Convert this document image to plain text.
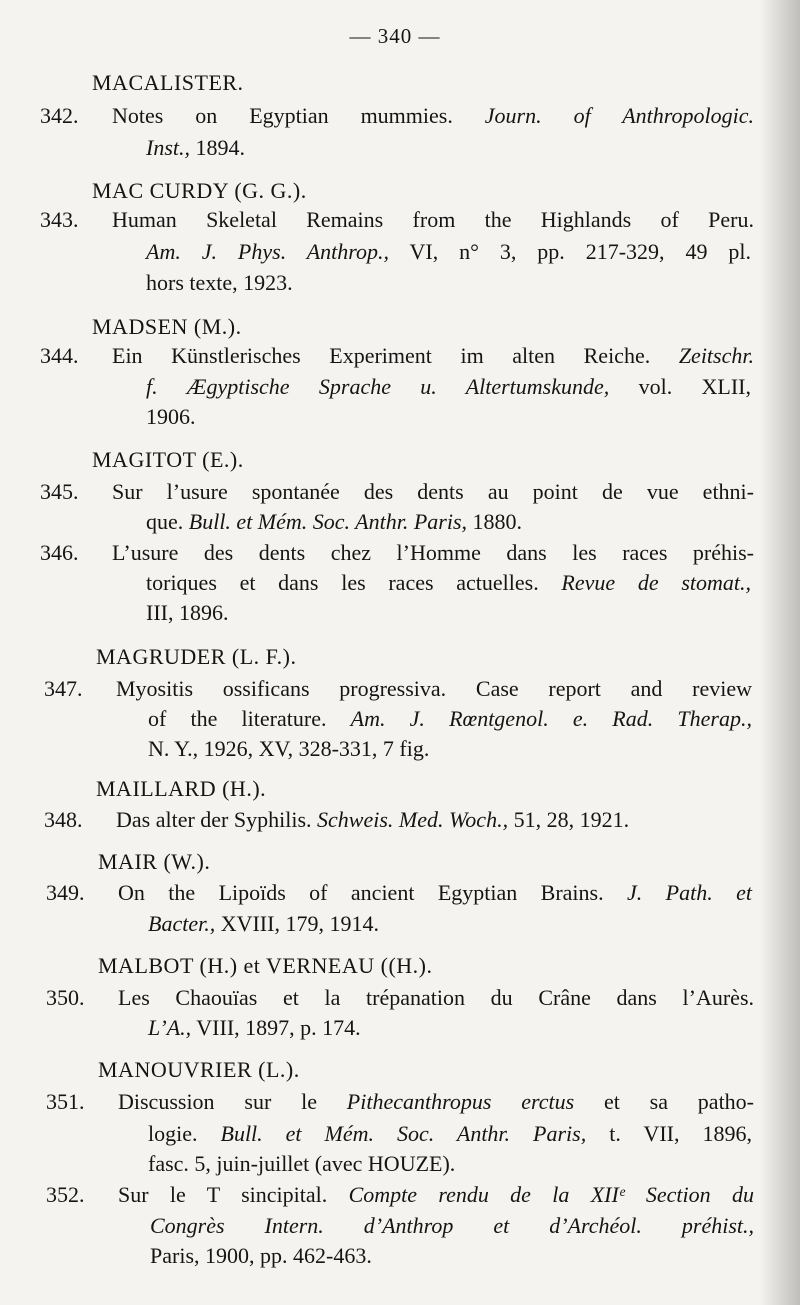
— 340 —
MACALISTER.
342. Notes on Egyptian mummies. Journ. of Anthropologic.
Inst., 1894.
MAC CURDY (G. G.).
343. Human Skeletal Remains from the Highlands of Peru.
Am. J. Phys. Anthrop., VI, n° 3, pp. 217-329, 49 pl.
hors texte, 1923.
MADSEN (M.).
344. Ein Künstlerisches Experiment im alten Reiche. Zeitschr.
f. Ægyptische Sprache u. Altertumskunde, vol. XLII,
1906.
MAGITOT (E.).
345. Sur l’usure spontanée des dents au point de vue ethni-
que. Bull. et Mém. Soc. Anthr. Paris, 1880.
346. L’usure des dents chez l’Homme dans les races préhis-
toriques et dans les races actuelles. Revue de stomat.,
III, 1896.
MAGRUDER (L. F.).
347. Myositis ossificans progressiva. Case report and review
of the literature. Am. J. Rœntgenol. e. Rad. Therap.,
N. Y., 1926, XV, 328-331, 7 fig.
MAILLARD (H.).
348. Das alter der Syphilis. Schweis. Med. Woch., 51, 28, 1921.
MAIR (W.).
349. On the Lipoïds of ancient Egyptian Brains. J. Path. et
Bacter., XVIII, 179, 1914.
MALBOT (H.) et VERNEAU ((H.).
350. Les Chaouïas et la trépanation du Crâne dans l’Aurès.
L’A., VIII, 1897, p. 174.
MANOUVRIER (L.).
351. Discussion sur le Pithecanthropus erctus et sa patho-
logie. Bull. et Mém. Soc. Anthr. Paris, t. VII, 1896,
fasc. 5, juin-juillet (avec HOUZE).
352. Sur le T sincipital. Compte rendu de la XIIᵉ Section du
Congrès Intern. d’Anthrop et d’Archéol. préhist.,
Paris, 1900, pp. 462-463.
